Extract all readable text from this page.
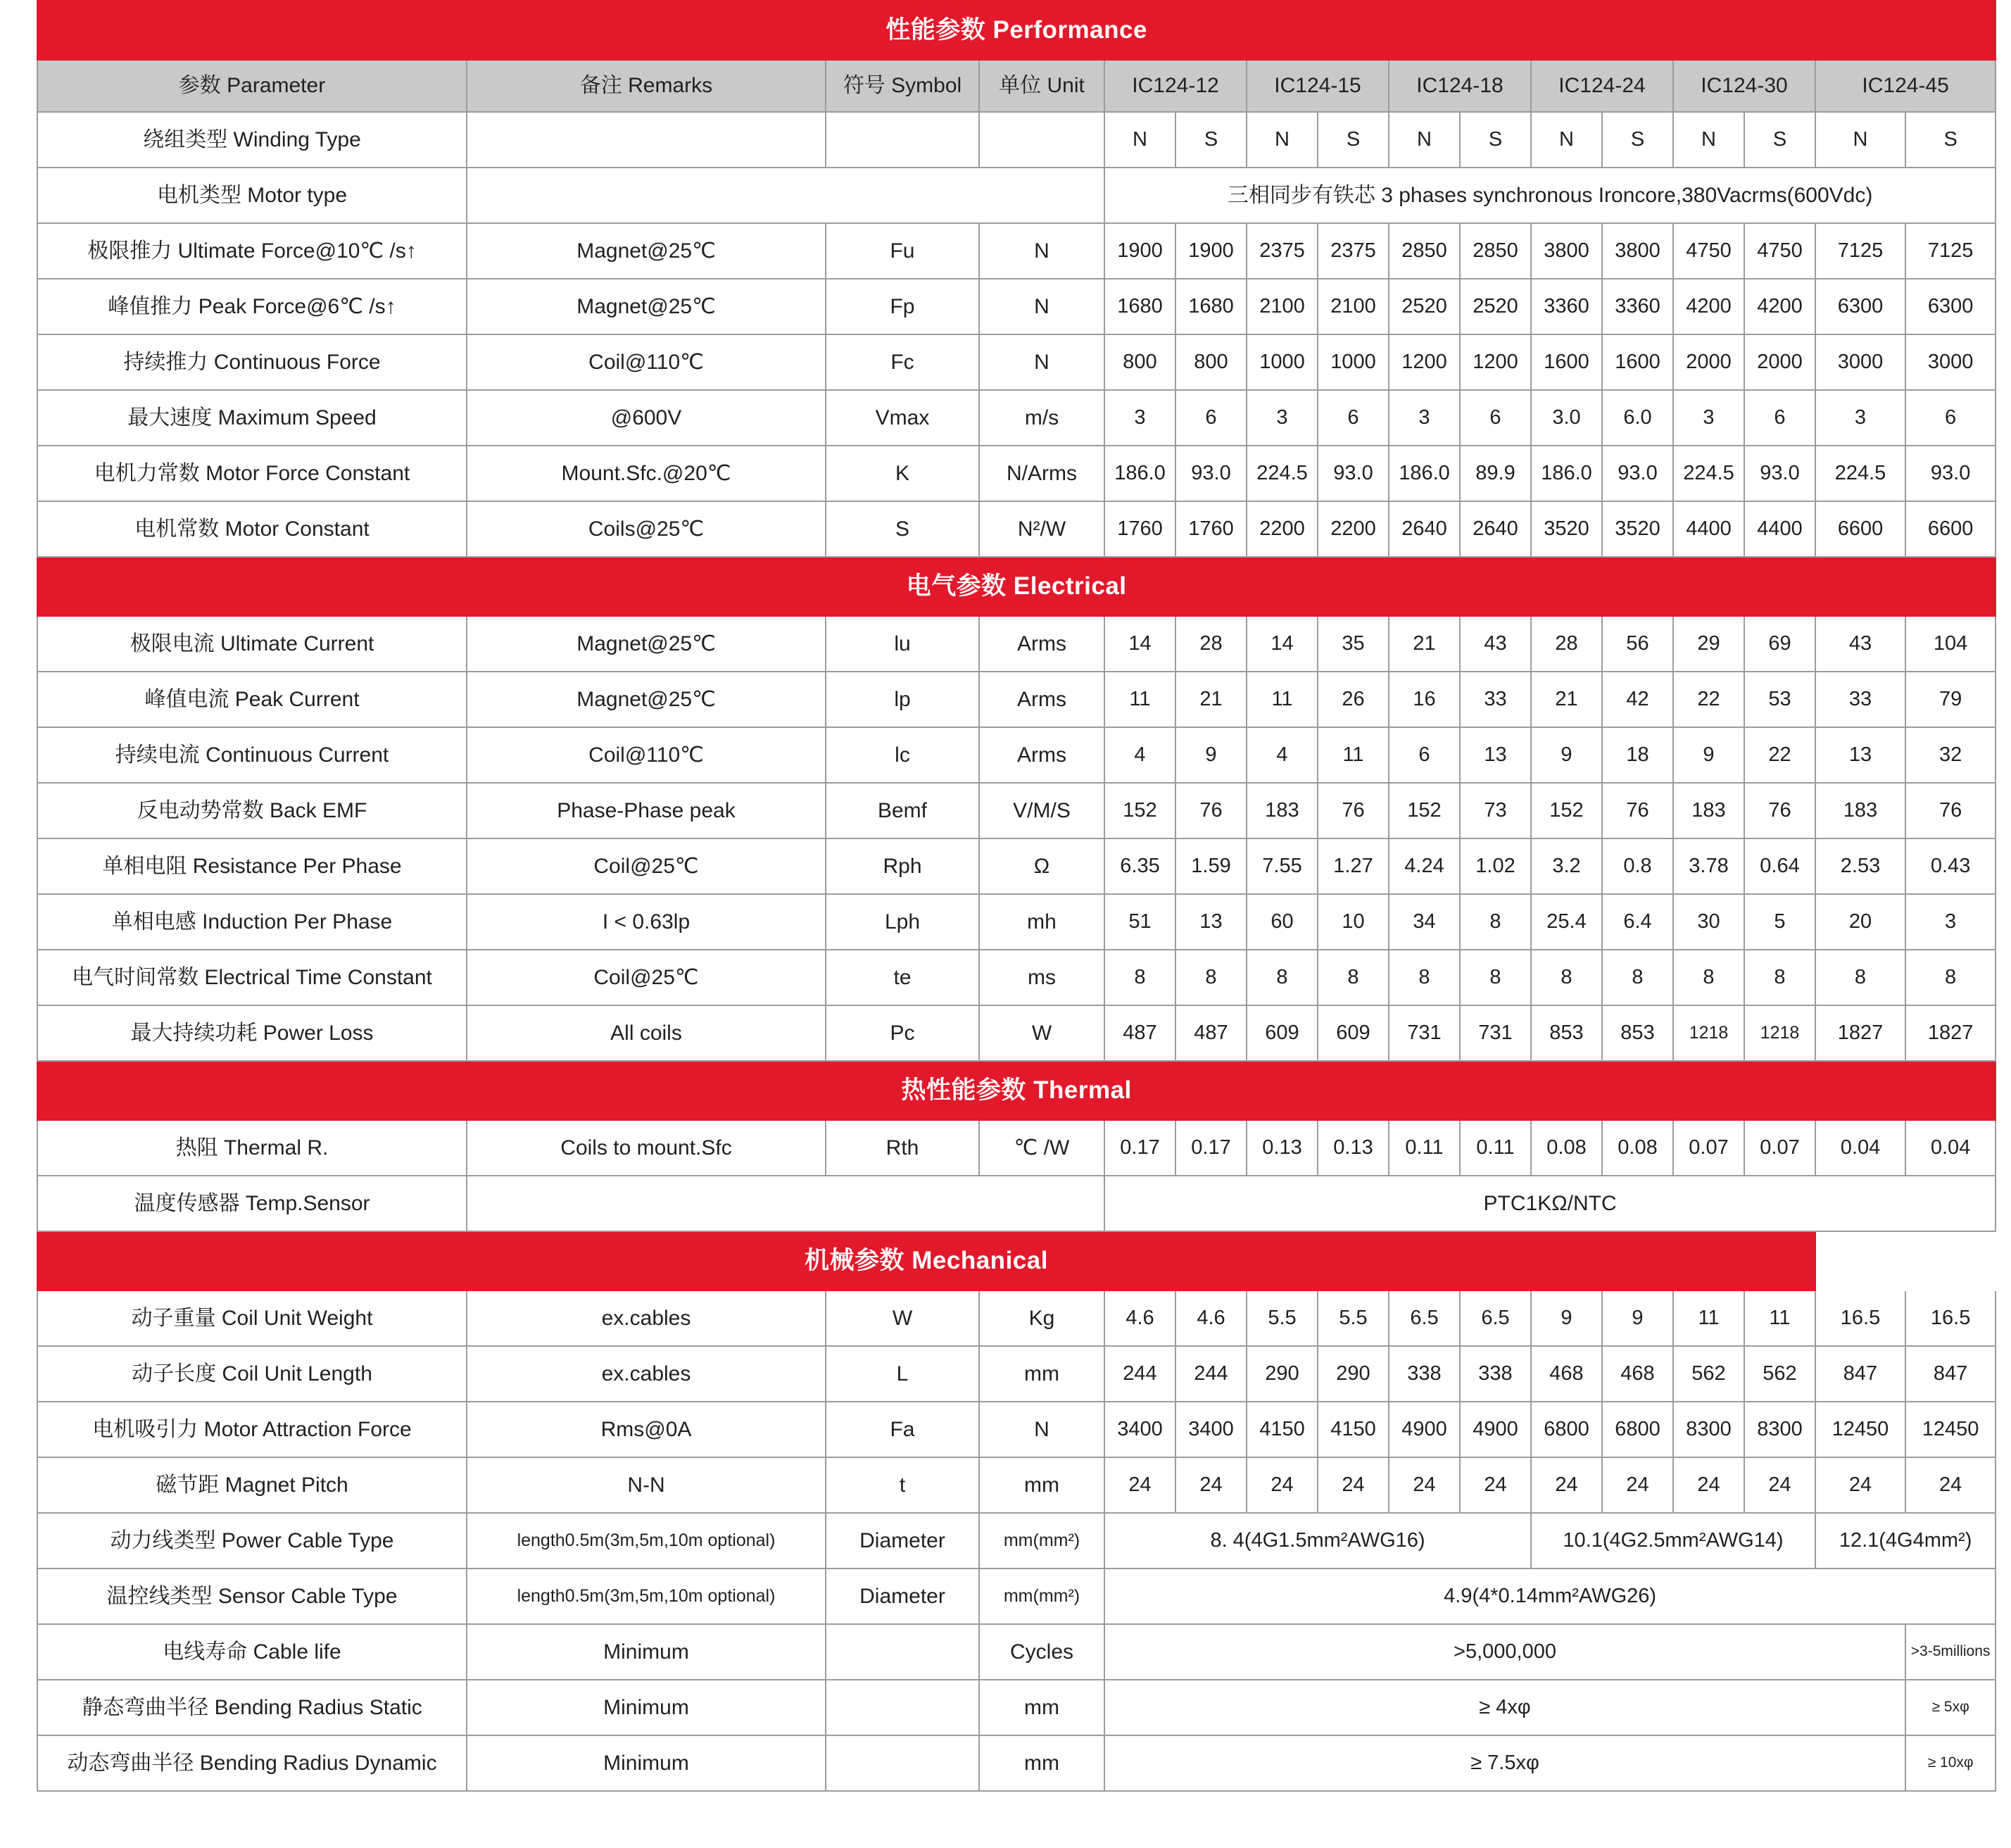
性能参数 Performance															
参数 Parameter	备注 Remarks	符号 Symbol	单位 Unit	IC124-12		IC124-15		IC124-18		IC124-24		IC124-30		IC124-45	
绕组类型 Winding Type				N	S	N	S	N	S	N	S	N	S	N	S
电机类型 Motor type				三相同步有铁芯 3 phases synchronous Ironcore,380Vacrms(600Vdc)											
极限推力 Ultimate Force@10℃ /s↑	Magnet@25℃	Fu	N	1900	1900	2375	2375	2850	2850	3800	3800	4750	4750	7125	7125
峰值推力 Peak Force@6℃ /s↑	Magnet@25℃	Fp	N	1680	1680	2100	2100	2520	2520	3360	3360	4200	4200	6300	6300
持续推力 Continuous Force	Coil@110℃	Fc	N	800	800	1000	1000	1200	1200	1600	1600	2000	2000	3000	3000
最大速度 Maximum Speed	@600V	Vmax	m/s	3	6	3	6	3	6	3.0	6.0	3	6	3	6
电机力常数 Motor Force Constant	Mount.Sfc.@20℃	K	N/Arms	186.0	93.0	224.5	93.0	186.0	89.9	186.0	93.0	224.5	93.0	224.5	93.0
电机常数 Motor Constant	Coils@25℃	S	N²/W	1760	1760	2200	2200	2640	2640	3520	3520	4400	4400	6600	6600
电气参数 Electrical															
极限电流 Ultimate Current	Magnet@25℃	lu	Arms	14	28	14	35	21	43	28	56	29	69	43	104
峰值电流 Peak Current	Magnet@25℃	lp	Arms	11	21	11	26	16	33	21	42	22	53	33	79
持续电流 Continuous Current	Coil@110℃	lc	Arms	4	9	4	11	6	13	9	18	9	22	13	32
反电动势常数 Back EMF	Phase-Phase peak	Bemf	V/M/S	152	76	183	76	152	73	152	76	183	76	183	76
单相电阻 Resistance Per Phase	Coil@25℃	Rph	Ω	6.35	1.59	7.55	1.27	4.24	1.02	3.2	0.8	3.78	0.64	2.53	0.43
单相电感 Induction Per Phase	I < 0.63lp	Lph	mh	51	13	60	10	34	8	25.4	6.4	30	5	20	3
电气时间常数 Electrical Time Constant	Coil@25℃	te	ms	8	8	8	8	8	8	8	8	8	8	8	8
最大持续功耗 Power Loss	All coils	Pc	W	487	487	609	609	731	731	853	853	1218	1218	1827	1827
热性能参数 Thermal															
热阻 Thermal R.	Coils to mount.Sfc	Rth	℃ /W	0.17	0.17	0.13	0.13	0.11	0.11	0.08	0.08	0.07	0.07	0.04	0.04
温度传感器 Temp.Sensor				PTC1KΩ/NTC											
机械参数 Mechanical															
动子重量 Coil Unit Weight	ex.cables	W	Kg	4.6	4.6	5.5	5.5	6.5	6.5	9	9	11	11	16.5	16.5
动子长度 Coil Unit Length	ex.cables	L	mm	244	244	290	290	338	338	468	468	562	562	847	847
电机吸引力 Motor Attraction Force	Rms@0A	Fa	N	3400	3400	4150	4150	4900	4900	6800	6800	8300	8300	12450	12450
磁节距 Magnet Pitch	N-N	t	mm	24	24	24	24	24	24	24	24	24	24	24	24
动力线类型 Power Cable Type	length0.5m(3m,5m,10m optional)	Diameter	mm(mm²)	8. 4(4G1.5mm²AWG16)						10.1(4G2.5mm²AWG14)				12.1(4G4mm²)	
温控线类型 Sensor Cable Type	length0.5m(3m,5m,10m optional)	Diameter	mm(mm²)	4.9(4*0.14mm²AWG26)											
电线寿命 Cable life	Minimum		Cycles	>5,000,000											>3-5millions
静态弯曲半径 Bending Radius Static	Minimum		mm	≥ 4xφ											≥ 5xφ
动态弯曲半径 Bending Radius Dynamic	Minimum		mm	≥ 7.5xφ											≥ 10xφ
